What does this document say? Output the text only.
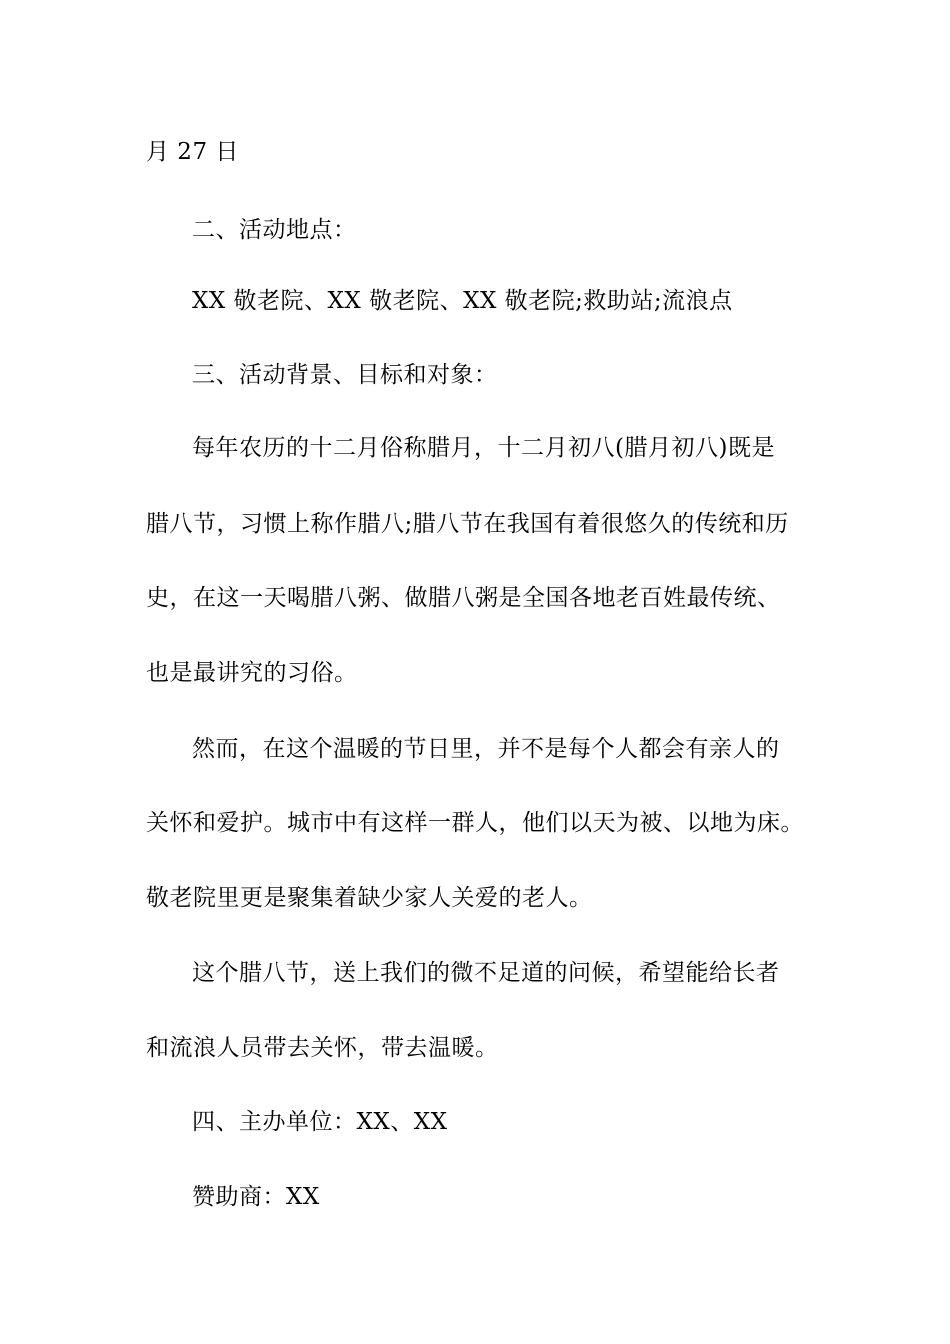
月 27 日
二、活动地点：
XX 敬老院、XX 敬老院、XX 敬老院;救助站;流浪点
三、活动背景、目标和对象：
每年农历的十二月俗称腊月，十二月初八(腊月初八)既是
腊八节，习惯上称作腊八;腊八节在我国有着很悠久的传统和历
史，在这一天喝腊八粥、做腊八粥是全国各地老百姓最传统、
也是最讲究的习俗。
然而，在这个温暖的节日里，并不是每个人都会有亲人的
关怀和爱护。城市中有这样一群人，他们以天为被、以地为床。
敬老院里更是聚集着缺少家人关爱的老人。
这个腊八节，送上我们的微不足道的问候，希望能给长者
和流浪人员带去关怀，带去温暖。
四、主办单位：XX、XX
赞助商：XX
